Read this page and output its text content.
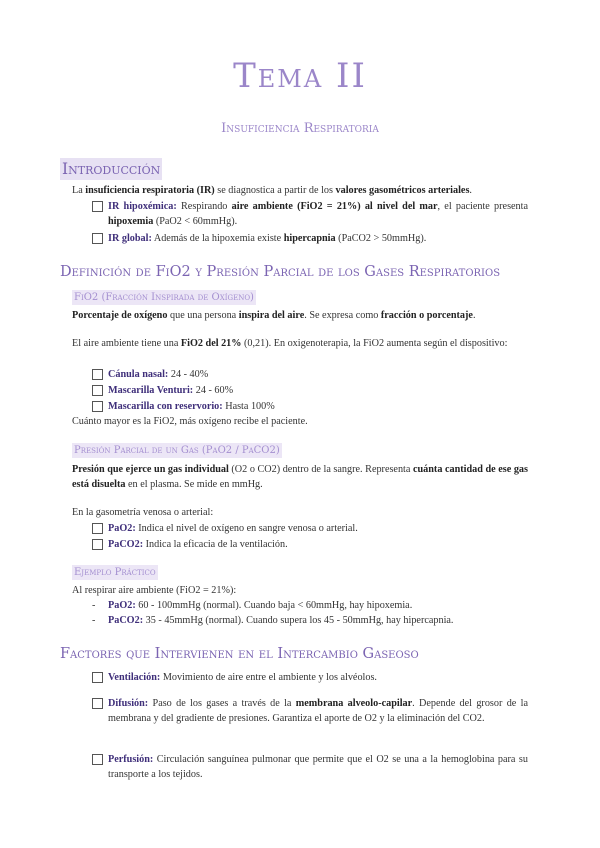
Tema II
Insuficiencia Respiratoria
Introducción
La insuficiencia respiratoria (IR) se diagnostica a partir de los valores gasométricos arteriales.
IR hipoxémica: Respirando aire ambiente (FiO2 = 21%) al nivel del mar, el paciente presenta hipoxemia (PaO2 < 60mmHg).
IR global: Además de la hipoxemia existe hipercapnia (PaCO2 > 50mmHg).
Definición de FiO2 y Presión Parcial de los Gases Respiratorios
FiO2 (Fracción Inspirada de Oxígeno)
Porcentaje de oxígeno que una persona inspira del aire. Se expresa como fracción o porcentaje.
El aire ambiente tiene una FiO2 del 21% (0,21). En oxigenoterapia, la FiO2 aumenta según el dispositivo:
Cánula nasal: 24 - 40%
Mascarilla Venturi: 24 - 60%
Mascarilla con reservorio: Hasta 100%
Cuánto mayor es la FiO2, más oxígeno recibe el paciente.
Presión Parcial de un Gas (PaO2 / PaCO2)
Presión que ejerce un gas individual (O2 o CO2) dentro de la sangre. Representa cuánta cantidad de ese gas está disuelta en el plasma. Se mide en mmHg.
En la gasometría venosa o arterial:
PaO2: Indica el nivel de oxígeno en sangre venosa o arterial.
PaCO2: Indica la eficacia de la ventilación.
Ejemplo Práctico
Al respirar aire ambiente (FiO2 = 21%):
- PaO2: 60 - 100mmHg (normal). Cuando baja < 60mmHg, hay hipoxemia.
- PaCO2: 35 - 45mmHg (normal). Cuando supera los 45 - 50mmHg, hay hipercapnia.
Factores que Intervienen en el Intercambio Gaseoso
Ventilación: Movimiento de aire entre el ambiente y los alvéolos.
Difusión: Paso de los gases a través de la membrana alveolo-capilar. Depende del grosor de la membrana y del gradiente de presiones. Garantiza el aporte de O2 y la eliminación del CO2.
Perfusión: Circulación sanguínea pulmonar que permite que el O2 se una a la hemoglobina para su transporte a los tejidos.
